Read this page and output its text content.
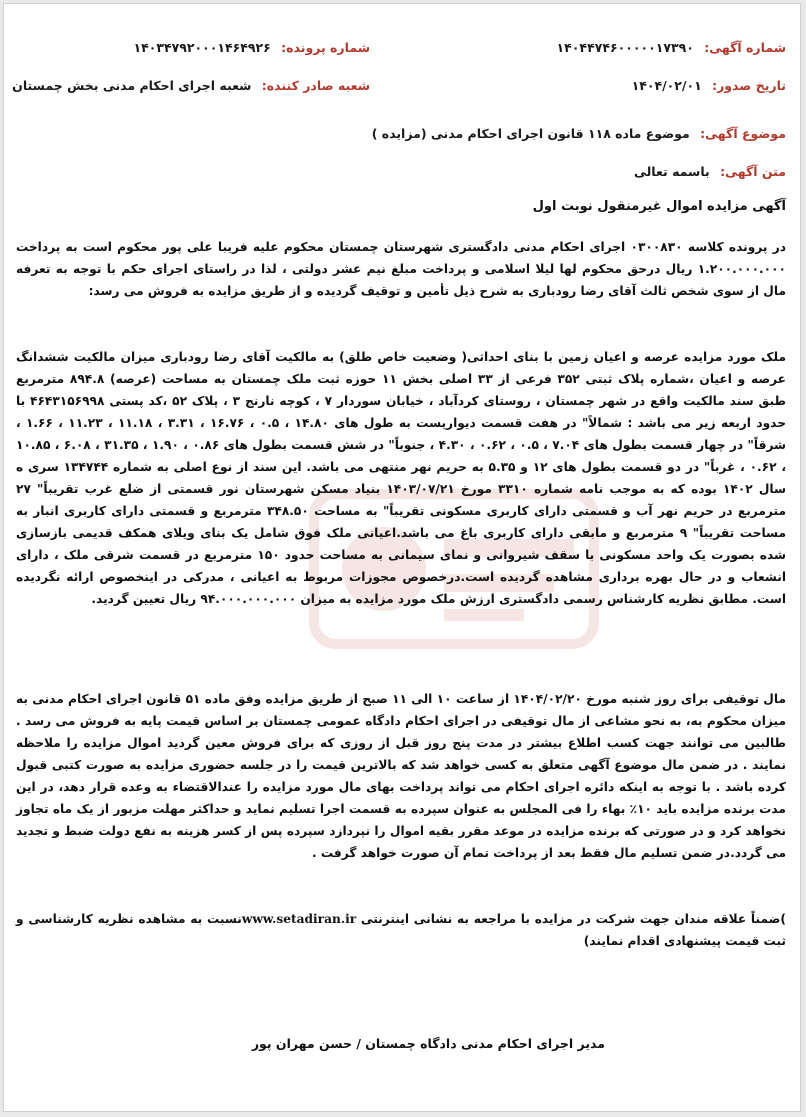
شماره آگهی: ۱۴۰۴۴۷۴۶۰۰۰۰۰۱۷۳۹۰
شماره پرونده: ۱۴۰۳۴۷۹۲۰۰۰۱۴۶۴۹۲۶
تاریخ صدور: ۱۴۰۴/۰۲/۰۱
شعبه صادر کننده: شعبه اجرای احکام مدنی بخش چمستان
موضوع آگهی: موضوع ماده ۱۱۸ قانون اجرای احکام مدنی (مزایده )
متن آگهی: باسمه تعالی
آگهی مزایده اموال غیرمنقول نوبت اول

در پرونده کلاسه ۰۳۰۰۸۳۰ اجرای احکام مدنی دادگستری شهرستان چمستان محکوم علیه فریبا علی پور محکوم است به پرداخت ۱.۲۰۰.۰۰۰.۰۰۰ ریال درحق محکوم لها لیلا اسلامی و پرداخت مبلغ نیم عشر دولتی ، لذا در راستای اجرای حکم با توجه به تعرفه مال از سوی شخص ثالث آقای رضا رودباری به شرح ذیل تأمین و توقیف گردیده و از طریق مزایده به فروش می رسد:

ملک مورد مزایده عرصه و اعیان زمین با بنای احداثی( وضعیت خاص طلق) به مالکیت آقای رضا رودباری میزان مالکیت ششدانگ عرصه و اعیان ،شماره پلاک ثبتی ۳۵۲ فرعی از ۳۳ اصلی بخش ۱۱ حوزه ثبت ملک چمستان به مساحت (عرصه) ۸۹۴.۸ مترمربع طبق سند مالکیت واقع در شهر چمستان ، روستای کردآباد ، خیابان سوردار ۷ ، کوچه نارنج ۳ ، پلاک ۵۲ ،کد پستی ۴۶۴۳۱۵۶۹۹۸ با حدود اربعه زیر می باشد : شمالاً" در هفت قسمت دیواریست به طول های ۱۴.۸۰ ، ۰.۵ ، ۱۶.۷۶ ، ۳.۳۱ ، ۱۱.۱۸ ، ۱۱.۲۳ ، ۱.۶۶ ، شرقاً" در چهار قسمت بطول های ۷.۰۴ ، ۰.۵ ، ۰.۶۲ ، ۴.۳۰ ، جنوباً" در شش قسمت بطول های ۰.۸۶ ، ۱.۹۰ ، ۳۱.۳۵ ، ۶.۰۸ ، ۱۰.۸۵ ، ۰.۶۲ ، غرباً" در دو قسمت بطول های ۱۲ و ۵.۳۵ به حریم نهر منتهی می باشد. این سند از نوع اصلی به شماره ۱۳۴۷۴۴ سری ه سال ۱۴۰۲ بوده که به موجب نامه شماره ۳۳۱۰ مورخ ۱۴۰۳/۰۷/۲۱ بنیاد مسکن شهرستان نور قسمتی از ضلع غرب تقریباً" ۲۷ مترمربع در حریم نهر آب و قسمتی دارای کاربری مسکونی تقریباً" به مساحت ۳۴۸.۵۰ مترمربع و قسمتی دارای کاربری انبار به مساحت تقریباً" ۹ مترمربع و مابقی دارای کاربری باغ می باشد.اعیانی ملک فوق شامل یک بنای ویلای همکف قدیمی بازسازی شده بصورت یک واحد مسکونی با سقف شیروانی و نمای سیمانی به مساحت حدود ۱۵۰ مترمربع در قسمت شرقی ملک ، دارای انشعاب و در حال بهره برداری مشاهده گردیده است.درخصوص مجوزات مربوط به اعیانی ، مدرکی در اینخصوص ارائه نگردیده است. مطابق نظریه کارشناس رسمی دادگستری ارزش ملک مورد مزایده به میزان ۹۴.۰۰۰.۰۰۰.۰۰۰ ریال تعیین گردید.

مال توقیفی برای روز شنبه مورخ ۱۴۰۴/۰۲/۲۰ از ساعت ۱۰ الی ۱۱ صبح از طریق مزایده وفق ماده ۵۱ قانون اجرای احکام مدنی به میزان محکوم به، به نحو مشاعی از مال توقیفی در اجرای احکام دادگاه عمومی چمستان بر اساس قیمت پایه به فروش می رسد . طالبین می توانند جهت کسب اطلاع بیشتر در مدت پنج روز قبل از روزی که برای فروش معین گردید اموال مزایده را ملاحظه نمایند . در ضمن مال موضوع آگهی متعلق به کسی خواهد شد که بالاترین قیمت را در جلسه حضوری مزایده به صورت کتبی قبول کرده باشد . با توجه به اینکه دائره اجرای احکام می تواند پرداخت بهای مال مورد مزایده را عندالاقتضاء به وعده قرار دهد، در این مدت برنده مزایده باید ۱۰٪ بهاء را فی المجلس به عنوان سپرده به قسمت اجرا تسلیم نماید و حداکثر مهلت مزبور از یک ماه تجاوز نخواهد کرد و در صورتی که برنده مزایده در موعد مقرر بقیه اموال را نپردازد سپرده پس از کسر هزینه به نفع دولت ضبط و تجدید می گردد.در ضمن تسلیم مال فقط بعد از پرداخت تمام آن صورت خواهد گرفت .

)ضمناً علاقه مندان جهت شرکت در مزایده با مراجعه به نشانی اینترنتی www.setadiran.irنسبت به مشاهده نظریه کارشناسی و ثبت قیمت پیشنهادی اقدام نمایند)

مدیر اجرای احکام مدنی دادگاه چمستان / حسن مهران پور
